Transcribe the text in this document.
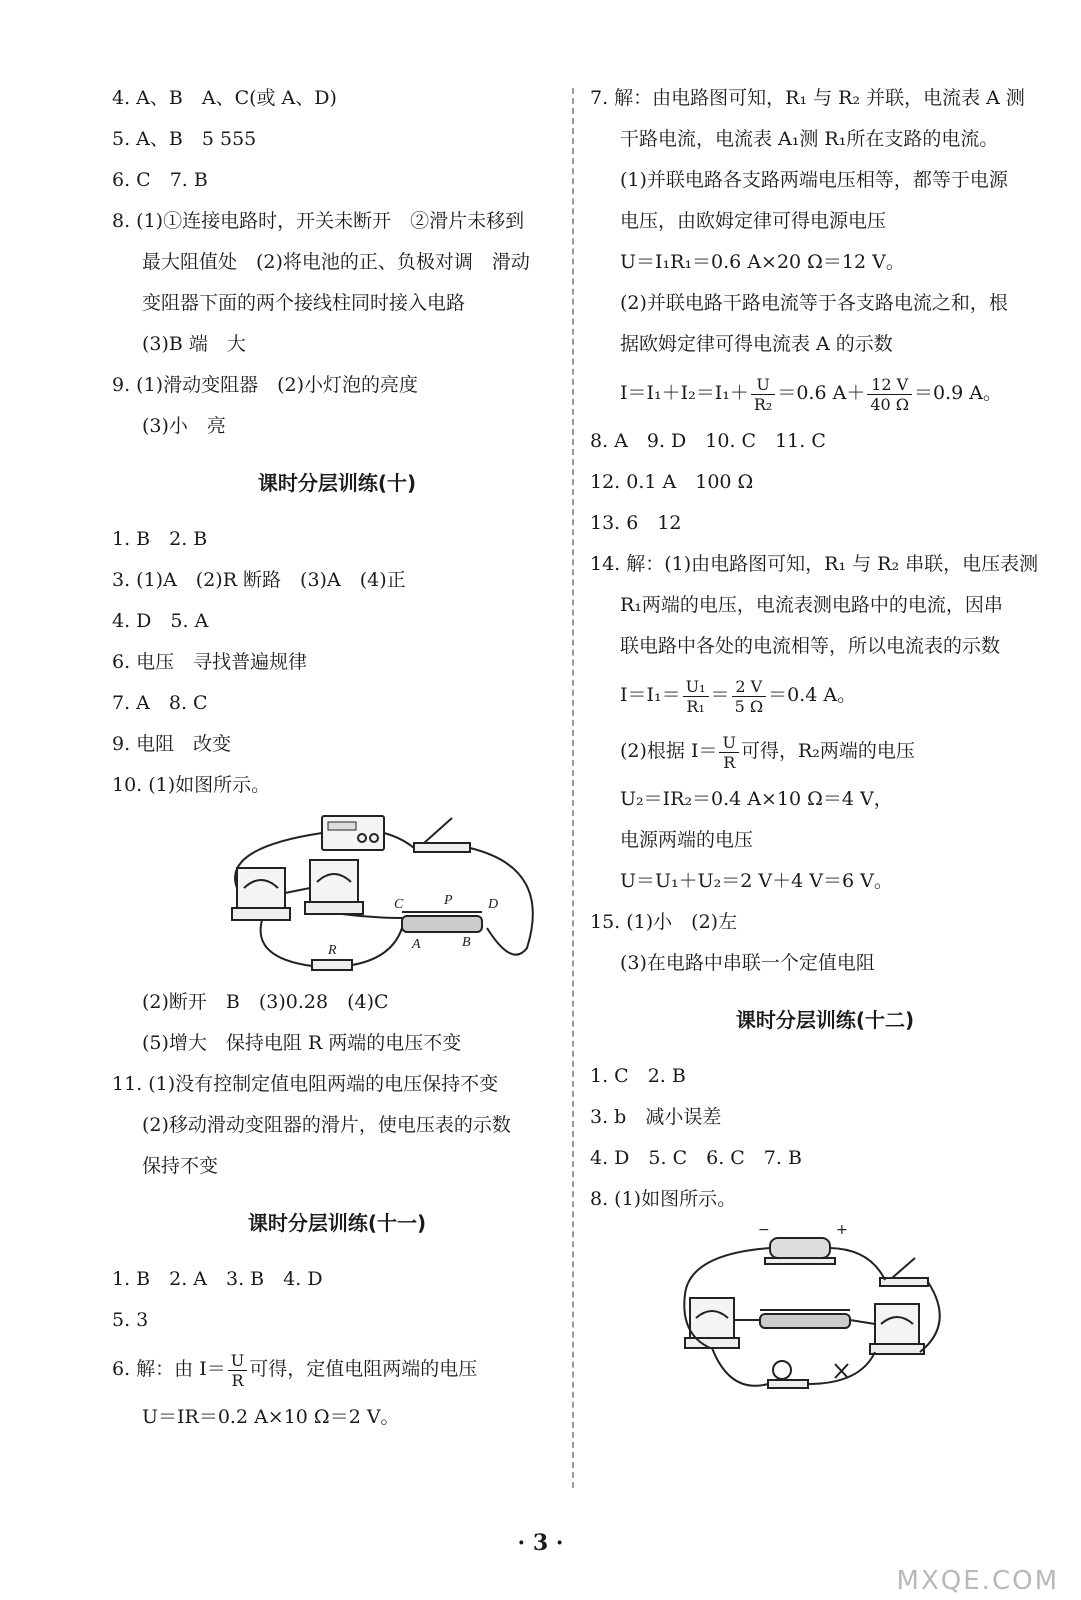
4. A、B　A、C(或 A、D)
5. A、B　5 555
6. C　7. B
8. (1)①连接电路时，开关未断开　②滑片未移到
最大阻值处　(2)将电池的正、负极对调　滑动
变阻器下面的两个接线柱同时接入电路
(3)B 端　大
9. (1)滑动变阻器　(2)小灯泡的亮度
(3)小　亮
课时分层训练(十)
1. B　2. B
3. (1)A　(2)R 断路　(3)A　(4)正
4. D　5. A
6. 电压　寻找普遍规律
7. A　8. C
9. 电阻　改变
10. (1)如图所示。
C	P	D
A	B
R
(2)断开　B　(3)0.28　(4)C
(5)增大　保持电阻 R 两端的电压不变
11. (1)没有控制定值电阻两端的电压保持不变
(2)移动滑动变阻器的滑片，使电压表的示数
保持不变
课时分层训练(十一)
1. B　2. A　3. B　4. D
5. 3
6. 解：由 $I= \frac{U}{R}$ 可得，定值电阻两端的电压
U＝IR＝0.2 A×10 Ω＝2 V。
7. 解：由电路图可知，R₁ 与 R₂ 并联，电流表 A 测
干路电流，电流表 A₁测 R₁所在支路的电流。
(1)并联电路各支路两端电压相等，都等于电源
电压，由欧姆定律可得电源电压
U＝I₁R₁＝0.6 A×20 Ω＝12 V。
(2)并联电路干路电流等于各支路电流之和，根
据欧姆定律可得电流表 A 的示数
$I=I_1+I_2=I_1+ \frac{U}{\text{R₂}} =0.6$ $A+ \frac{12 V}{40 \Omega} =0.9$ A。
8. A　9. D　10. C　11. C
12. 0.1 A　100 Ω
13. 6　12
14. 解：(1)由电路图可知，R₁ 与 R₂ 串联，电压表测
R₁两端的电压，电流表测电路中的电流，因串
联电路中各处的电流相等，所以电流表的示数
$I=I_1= \frac{\text{U₁}}{\text{R₁}} = \frac{2 V}{5 \Omega} =0.4$ A。
(2)根据 $I= \frac{U}{R}$ 可得，R₂两端的电压
U₂＝IR₂＝0.4 A×10 Ω＝4 V，
电源两端的电压
U＝U₁＋U₂＝2 V＋4 V＝6 V。
15. (1)小　(2)左
(3)在电路中串联一个定值电阻
课时分层训练(十二)
1. C　2. B
3. b　减小误差
4. D　5. C　6. C　7. B
8. (1)如图所示。
−	+
· 3 ·
MXQE.COM
